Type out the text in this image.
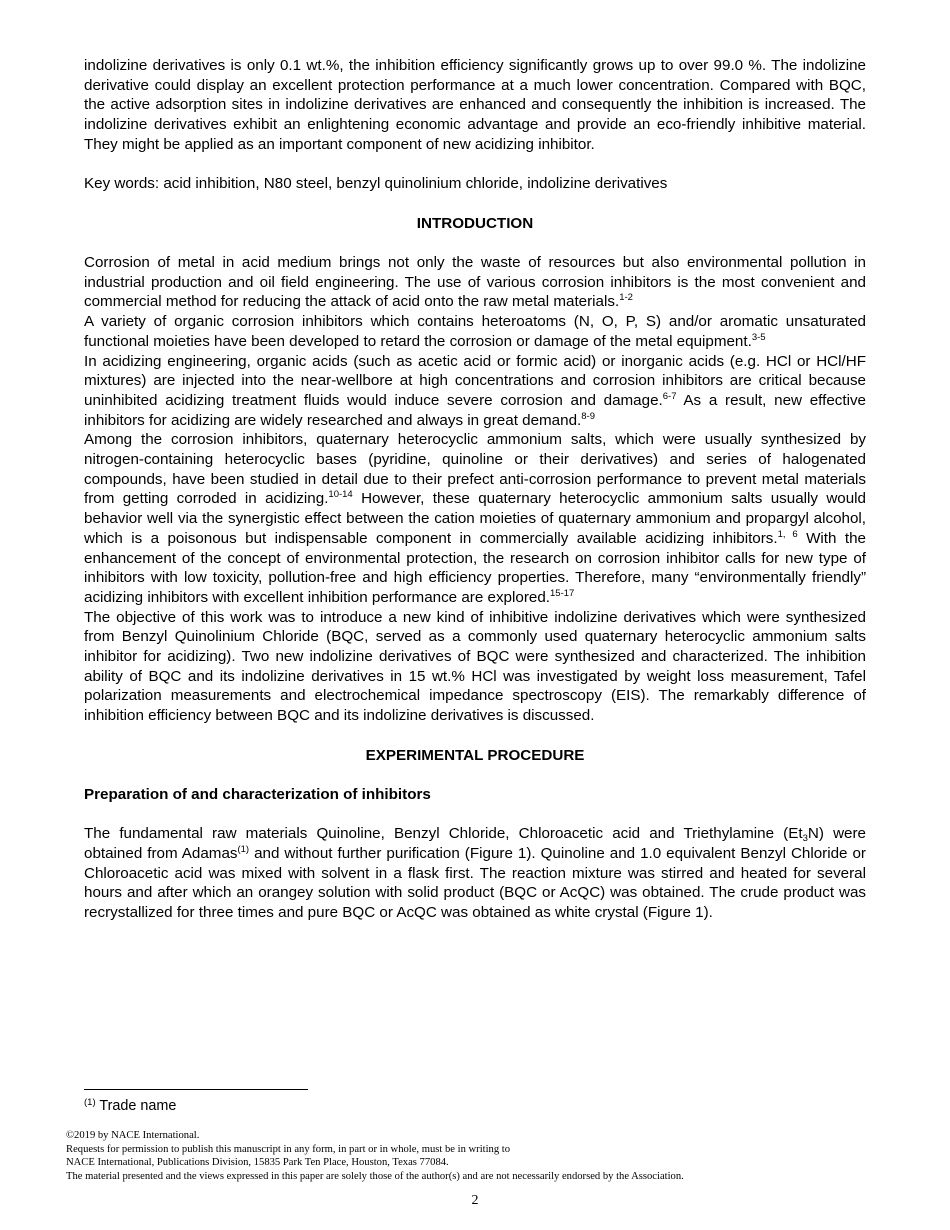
indolizine derivatives is only 0.1 wt.%, the inhibition efficiency significantly grows up to over 99.0 %. The indolizine derivative could display an excellent protection performance at a much lower concentration. Compared with BQC, the active adsorption sites in indolizine derivatives are enhanced and consequently the inhibition is increased. The indolizine derivatives exhibit an enlightening economic advantage and provide an eco-friendly inhibitive material. They might be applied as an important component of new acidizing inhibitor.

Key words: acid inhibition, N80 steel, benzyl quinolinium chloride, indolizine derivatives

INTRODUCTION

Corrosion of metal in acid medium brings not only the waste of resources but also environmental pollution in industrial production and oil field engineering. The use of various corrosion inhibitors is the most convenient and commercial method for reducing the attack of acid onto the raw metal materials.$^{1-2}$

A variety of organic corrosion inhibitors which contains heteroatoms (N, O, P, S) and/or aromatic unsaturated functional moieties have been developed to retard the corrosion or damage of the metal equipment.$^{3-5}$

In acidizing engineering, organic acids (such as acetic acid or formic acid) or inorganic acids (e.g. HCl or HCl/HF mixtures) are injected into the near-wellbore at high concentrations and corrosion inhibitors are critical because uninhibited acidizing treatment fluids would induce severe corrosion and damage.$^{6-7}$ As a result, new effective inhibitors for acidizing are widely researched and always in great demand.$^{8-9}$

Among the corrosion inhibitors, quaternary heterocyclic ammonium salts, which were usually synthesized by nitrogen-containing heterocyclic bases (pyridine, quinoline or their derivatives) and series of halogenated compounds, have been studied in detail due to their prefect anti-corrosion performance to prevent metal materials from getting corroded in acidizing.$^{10-14}$ However, these quaternary heterocyclic ammonium salts usually would behavior well via the synergistic effect between the cation moieties of quaternary ammonium and propargyl alcohol, which is a poisonous but indispensable component in commercially available acidizing inhibitors.$^{1, 6}$ With the enhancement of the concept of environmental protection, the research on corrosion inhibitor calls for new type of inhibitors with low toxicity, pollution-free and high efficiency properties. Therefore, many “environmentally friendly” acidizing inhibitors with excellent inhibition performance are explored.$^{15-17}$

The objective of this work was to introduce a new kind of inhibitive indolizine derivatives which were synthesized from Benzyl Quinolinium Chloride (BQC, served as a commonly used quaternary heterocyclic ammonium salts inhibitor for acidizing). Two new indolizine derivatives of BQC were synthesized and characterized. The inhibition ability of BQC and its indolizine derivatives in 15 wt.% HCl was investigated by weight loss measurement, Tafel polarization measurements and electrochemical impedance spectroscopy (EIS). The remarkably difference of inhibition efficiency between BQC and its indolizine derivatives is discussed.

EXPERIMENTAL PROCEDURE

Preparation of and characterization of inhibitors

The fundamental raw materials Quinoline, Benzyl Chloride, Chloroacetic acid and Triethylamine $(Et_3N)$ were obtained from Adamas$^{(1)}$ and without further purification (Figure 1). Quinoline and 1.0 equivalent Benzyl Chloride or Chloroacetic acid was mixed with solvent in a flask first. The reaction mixture was stirred and heated for several hours and after which an orangey solution with solid product (BQC or AcQC) was obtained. The crude product was recrystallized for three times and pure BQC or AcQC was obtained as white crystal (Figure 1).

$^{(1)}$ Trade name
©2019 by NACE International.
Requests for permission to publish this manuscript in any form, in part or in whole, must be in writing to
NACE International, Publications Division, 15835 Park Ten Place, Houston, Texas 77084.
The material presented and the views expressed in this paper are solely those of the author(s) and are not necessarily endorsed by the Association.
2
